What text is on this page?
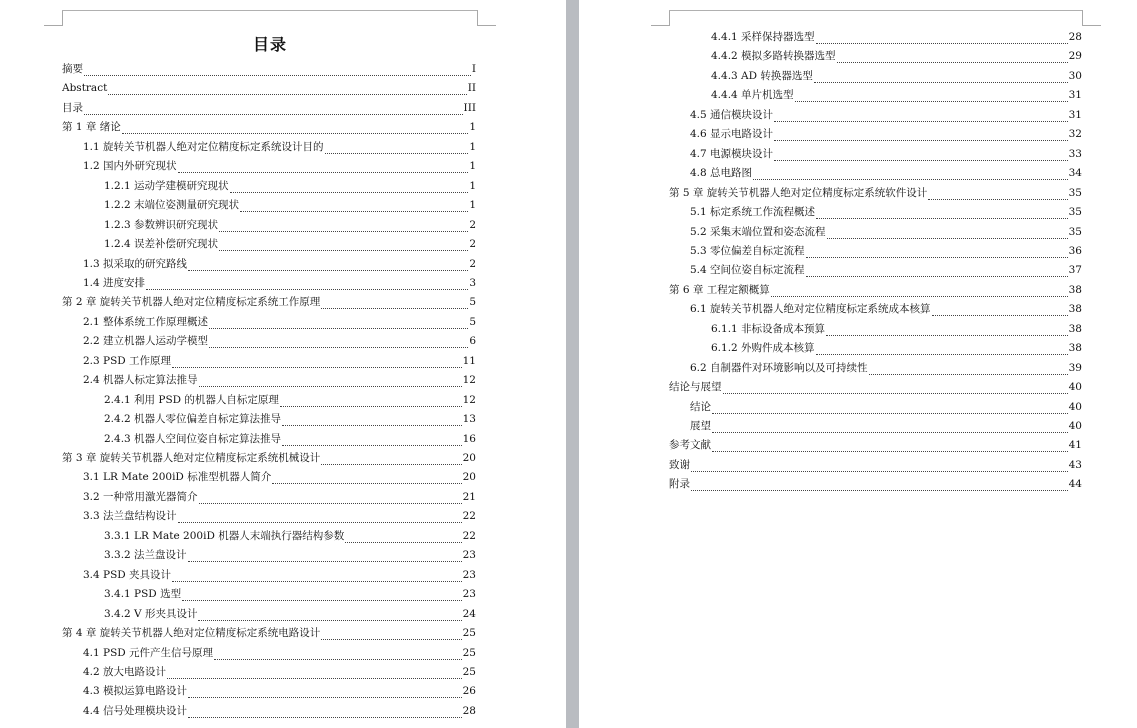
目录
摘要	I
Abstract	II
目录	III
第 1 章 绪论	1
1.1 旋转关节机器人绝对定位精度标定系统设计目的	1
1.2 国内外研究现状	1
1.2.1 运动学建模研究现状	1
1.2.2 末端位姿测量研究现状	1
1.2.3 参数辨识研究现状	2
1.2.4 误差补偿研究现状	2
1.3 拟采取的研究路线	2
1.4 进度安排	3
第 2 章 旋转关节机器人绝对定位精度标定系统工作原理	5
2.1 整体系统工作原理概述	5
2.2 建立机器人运动学模型	6
2.3 PSD 工作原理	11
2.4 机器人标定算法推导	12
2.4.1 利用 PSD 的机器人自标定原理	12
2.4.2 机器人零位偏差自标定算法推导	13
2.4.3 机器人空间位姿自标定算法推导	16
第 3 章 旋转关节机器人绝对定位精度标定系统机械设计	20
3.1 LR Mate 200iD 标准型机器人简介	20
3.2 一种常用激光器简介	21
3.3 法兰盘结构设计	22
3.3.1 LR Mate 200iD 机器人末端执行器结构参数	22
3.3.2 法兰盘设计	23
3.4 PSD 夹具设计	23
3.4.1 PSD 选型	23
3.4.2 V 形夹具设计	24
第 4 章 旋转关节机器人绝对定位精度标定系统电路设计	25
4.1 PSD 元件产生信号原理	25
4.2 放大电路设计	25
4.3 模拟运算电路设计	26
4.4 信号处理模块设计	28
4.4.1 采样保持器选型	28
4.4.2 模拟多路转换器选型	29
4.4.3 AD 转换器选型	30
4.4.4 单片机选型	31
4.5 通信模块设计	31
4.6 显示电路设计	32
4.7 电源模块设计	33
4.8 总电路图	34
第 5 章 旋转关节机器人绝对定位精度标定系统软件设计	35
5.1 标定系统工作流程概述	35
5.2 采集末端位置和姿态流程	35
5.3 零位偏差自标定流程	36
5.4 空间位姿自标定流程	37
第 6 章 工程定额概算	38
6.1 旋转关节机器人绝对定位精度标定系统成本核算	38
6.1.1 非标设备成本预算	38
6.1.2 外购件成本核算	38
6.2 自制器件对环境影响以及可持续性	39
结论与展望	40
结论	40
展望	40
参考文献	41
致谢	43
附录	44
